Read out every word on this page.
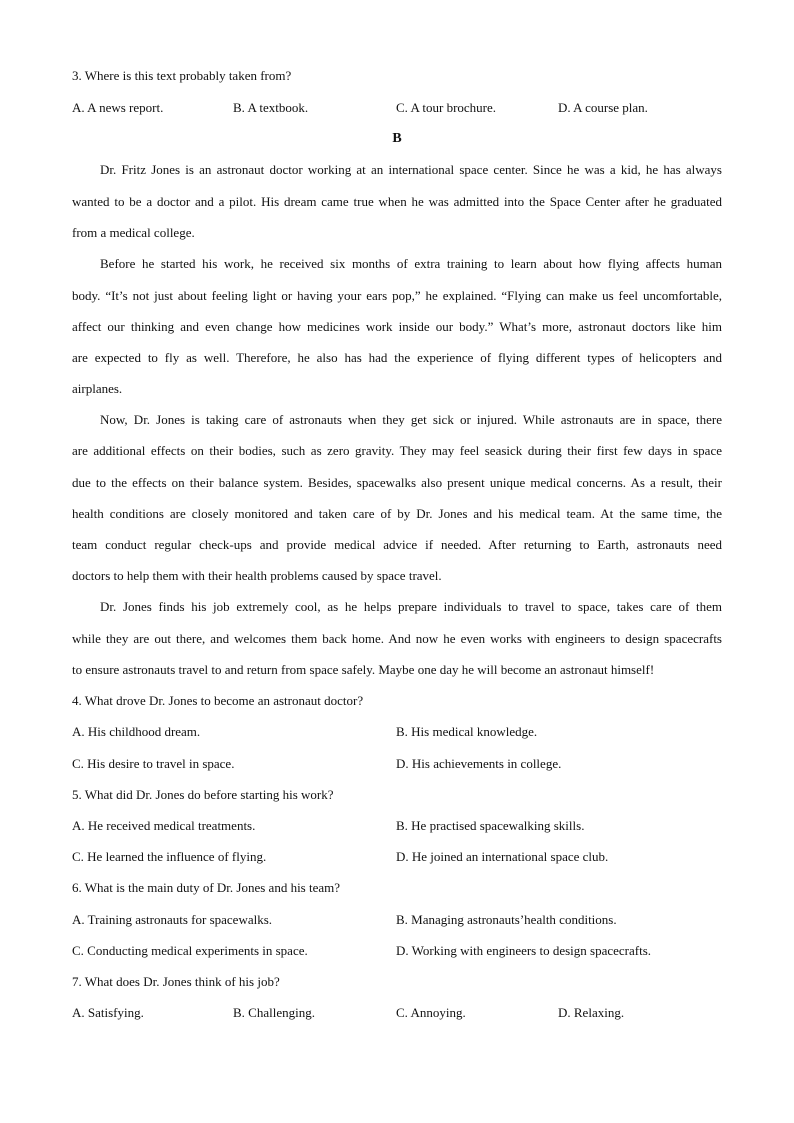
3. Where is this text probably taken from?
A. A news report.	B. A textbook.	C. A tour brochure.	D. A course plan.
B
Dr. Fritz Jones is an astronaut doctor working at an international space center. Since he was a kid, he has always
wanted to be a doctor and a pilot. His dream came true when he was admitted into the Space Center after he graduated
from a medical college.
Before he started his work, he received six months of extra training to learn about how flying affects human
body. “It’s not just about feeling light or having your ears pop,” he explained. “Flying can make us feel uncomfortable,
affect our thinking and even change how medicines work inside our body.” What’s more, astronaut doctors like him
are expected to fly as well. Therefore, he also has had the experience of flying different types of helicopters and
airplanes.
Now, Dr. Jones is taking care of astronauts when they get sick or injured. While astronauts are in space, there
are additional effects on their bodies, such as zero gravity. They may feel seasick during their first few days in space
due to the effects on their balance system. Besides, spacewalks also present unique medical concerns. As a result, their
health conditions are closely monitored and taken care of by Dr. Jones and his medical team. At the same time, the
team conduct regular check-ups and provide medical advice if needed. After returning to Earth, astronauts need
doctors to help them with their health problems caused by space travel.
Dr. Jones finds his job extremely cool, as he helps prepare individuals to travel to space, takes care of them
while they are out there, and welcomes them back home. And now he even works with engineers to design spacecrafts
to ensure astronauts travel to and return from space safely. Maybe one day he will become an astronaut himself!
4. What drove Dr. Jones to become an astronaut doctor?
A. His childhood dream.	B. His medical knowledge.
C. His desire to travel in space.	D. His achievements in college.
5. What did Dr. Jones do before starting his work?
A. He received medical treatments.	B. He practised spacewalking skills.
C. He learned the influence of flying.	D. He joined an international space club.
6. What is the main duty of Dr. Jones and his team?
A. Training astronauts for spacewalks.	B. Managing astronauts’health conditions.
C. Conducting medical experiments in space.	D. Working with engineers to design spacecrafts.
7. What does Dr. Jones think of his job?
A. Satisfying.	B. Challenging.	C. Annoying.	D. Relaxing.
